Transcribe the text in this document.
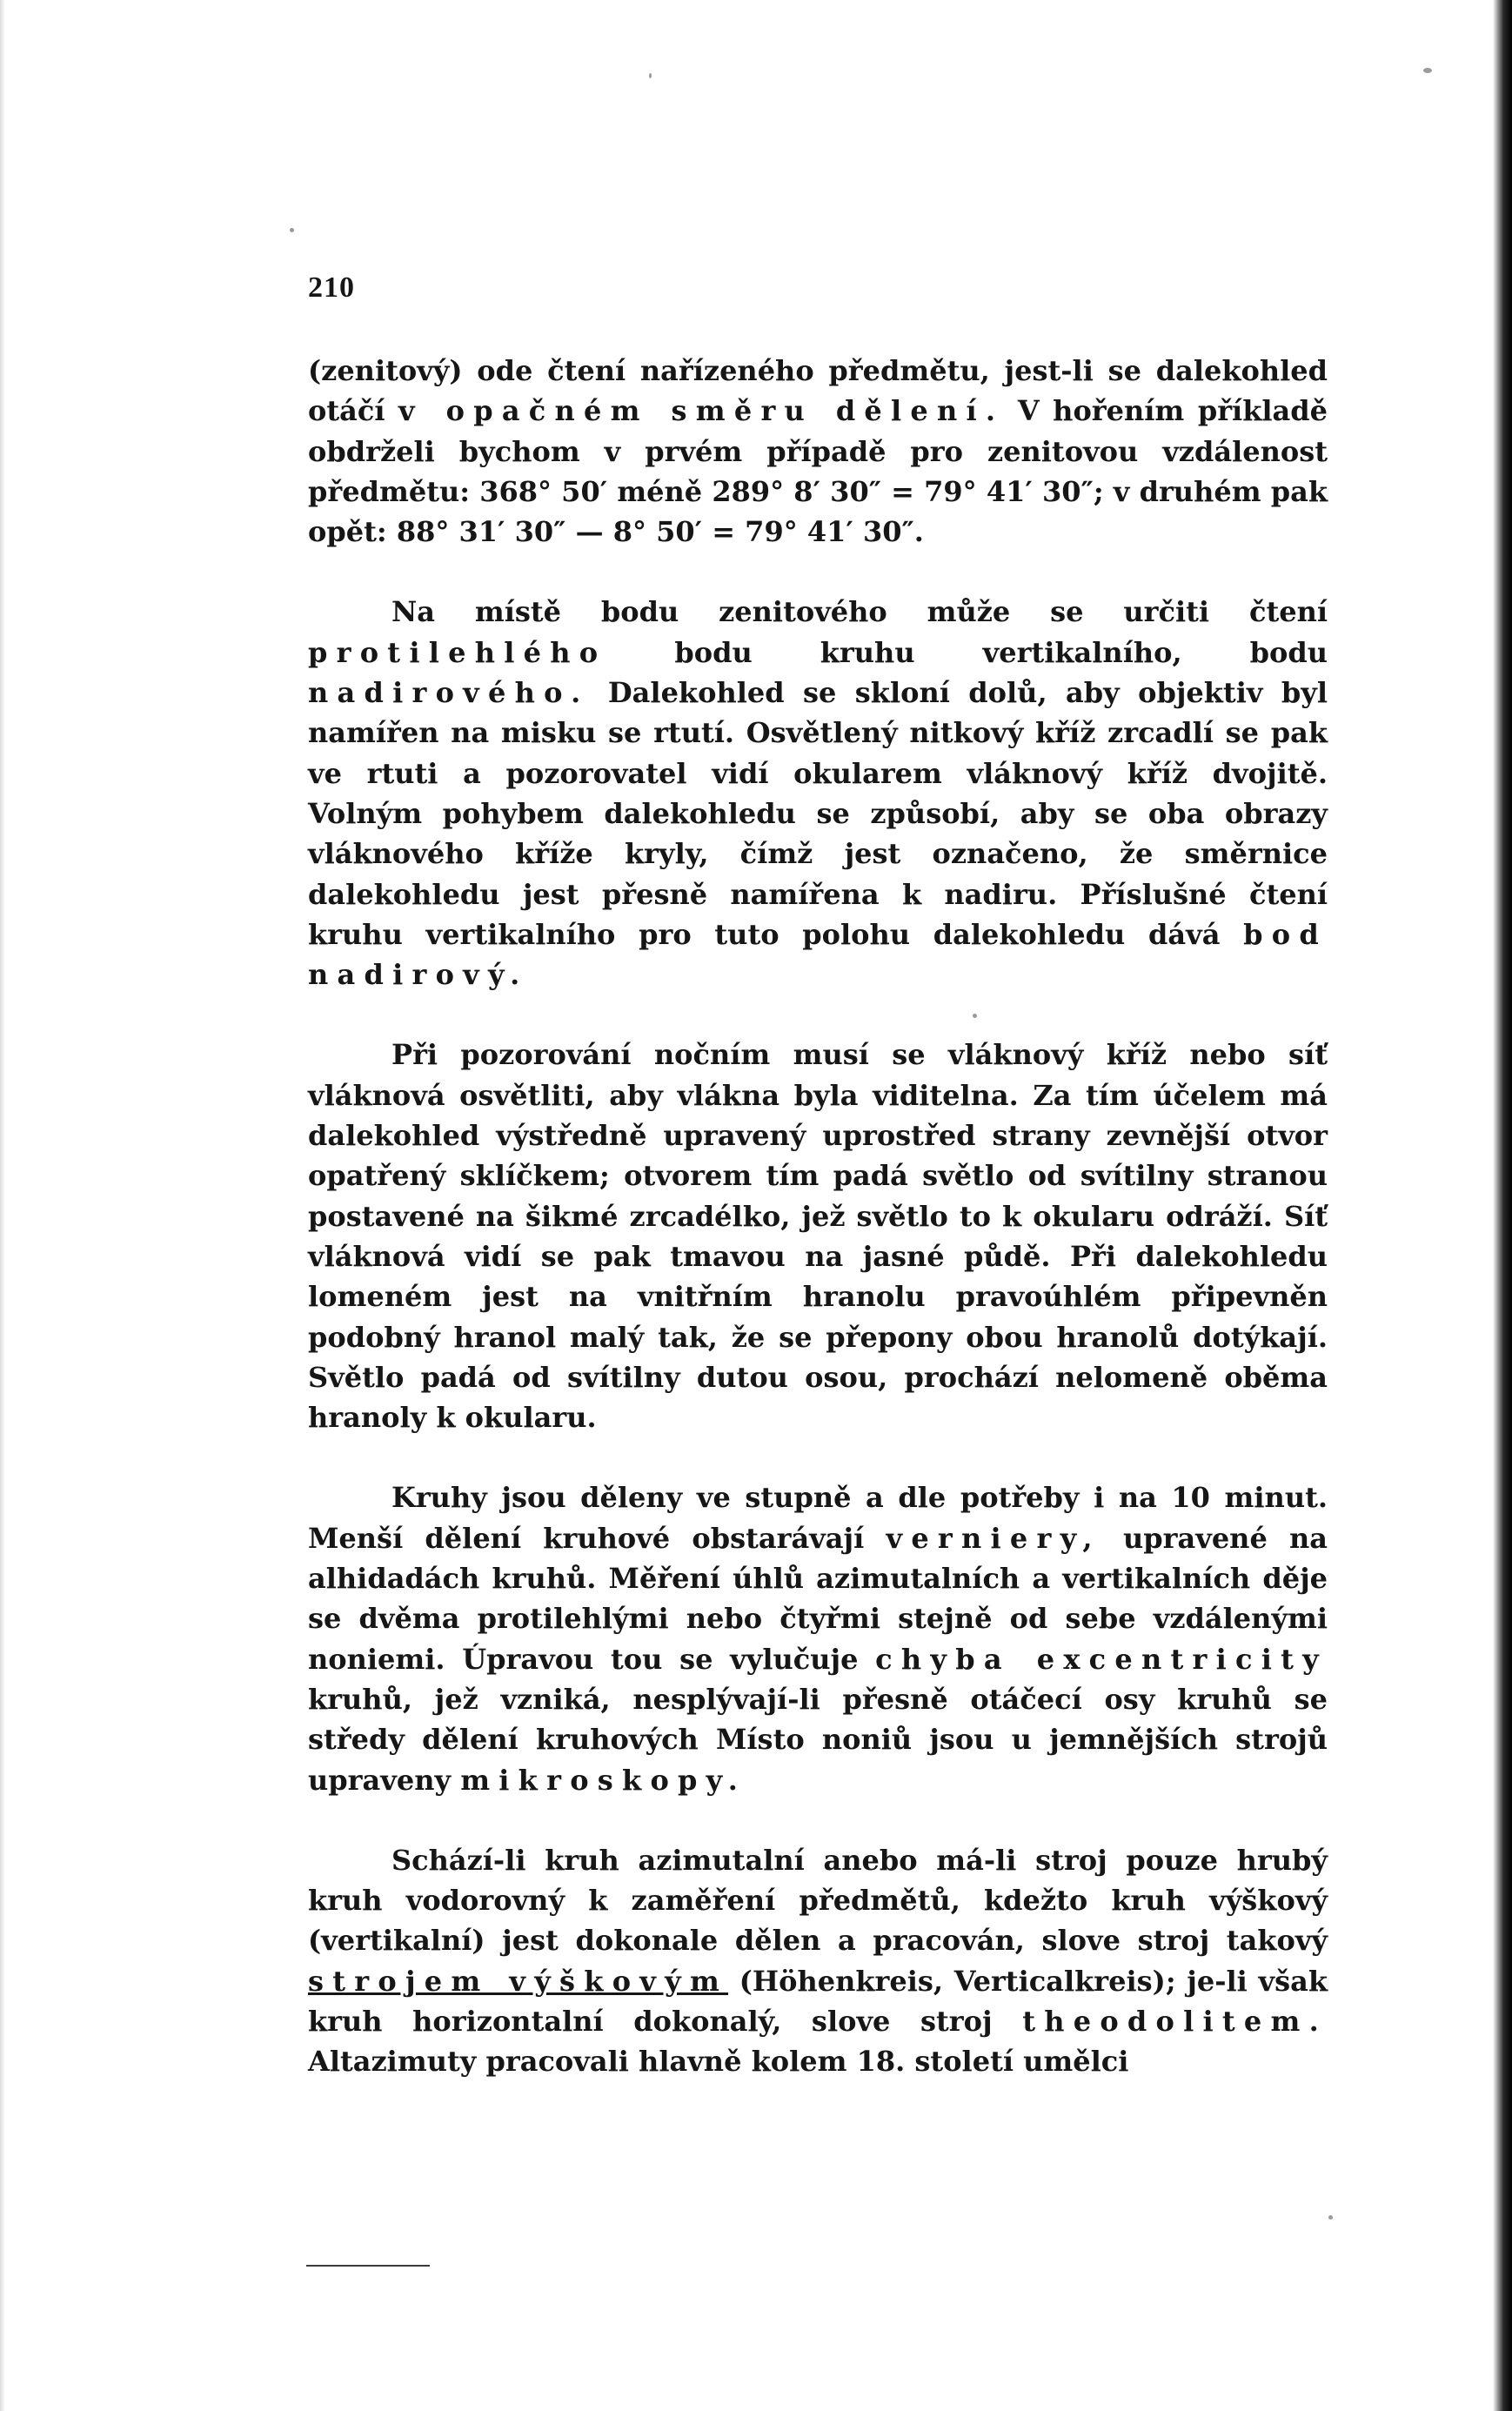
210

(zenitový) ode čtení nařízeného předmětu, jest-li se dalekohled otáčí v opačném směru dělení. V hořením příkladě obdrželi bychom v prvém případě pro zenitovou vzdálenost předmětu: 368° 50′ méně 289° 8′ 30″ = 79° 41′ 30″; v druhém pak opět: 88° 31′ 30″ — 8° 50′ = 79° 41′ 30″.

Na místě bodu zenitového může se určiti čtení protilehlého bodu kruhu vertikalního, bodu nadirového. Dalekohled se skloní dolů, aby objektiv byl namířen na misku se rtutí. Osvětlený nitkový kříž zrcadlí se pak ve rtuti a pozorovatel vidí okularem vláknový kříž dvojitě. Volným pohybem dalekohledu se způsobí, aby se oba obrazy vláknového kříže kryly, čímž jest označeno, že směrnice dalekohledu jest přesně namířena k nadiru. Příslušné čtení kruhu vertikalního pro tuto polohu dalekohledu dává bod nadirový.

Při pozorování nočním musí se vláknový kříž nebo síť vláknová osvětliti, aby vlákna byla viditelna. Za tím účelem má dalekohled výstředně upravený uprostřed strany zevnější otvor opatřený sklíčkem; otvorem tím padá světlo od svítilny stranou postavené na šikmé zrcadélko, jež světlo to k okularu odráží. Síť vláknová vidí se pak tmavou na jasné půdě. Při dalekohledu lomeném jest na vnitřním hranolu pravoúhlém připevněn podobný hranol malý tak, že se přepony obou hranolů dotýkají. Světlo padá od svítilny dutou osou, prochází nelomeně oběma hranoly k okularu.

Kruhy jsou děleny ve stupně a dle potřeby i na 10 minut. Menší dělení kruhové obstarávají verniery, upravené na alhidadách kruhů. Měření úhlů azimutalních a vertikalních děje se dvěma protilehlými nebo čtyřmi stejně od sebe vzdálenými noniemi. Úpravou tou se vylučuje chyba excentricity kruhů, jež vzniká, nesplývají-li přesně otáčecí osy kruhů se středy dělení kruhových Místo noniů jsou u jemnějších strojů upraveny mikroskopy.

Schází-li kruh azimutalní anebo má-li stroj pouze hrubý kruh vodorovný k zaměření předmětů, kdežto kruh výškový (vertikalní) jest dokonale dělen a pracován, slove stroj takový strojem výškovým (Höhenkreis, Verticalkreis); je-li však kruh horizontalní dokonalý, slove stroj theodolitem. Altazimuty pracovali hlavně kolem 18. století umělci
